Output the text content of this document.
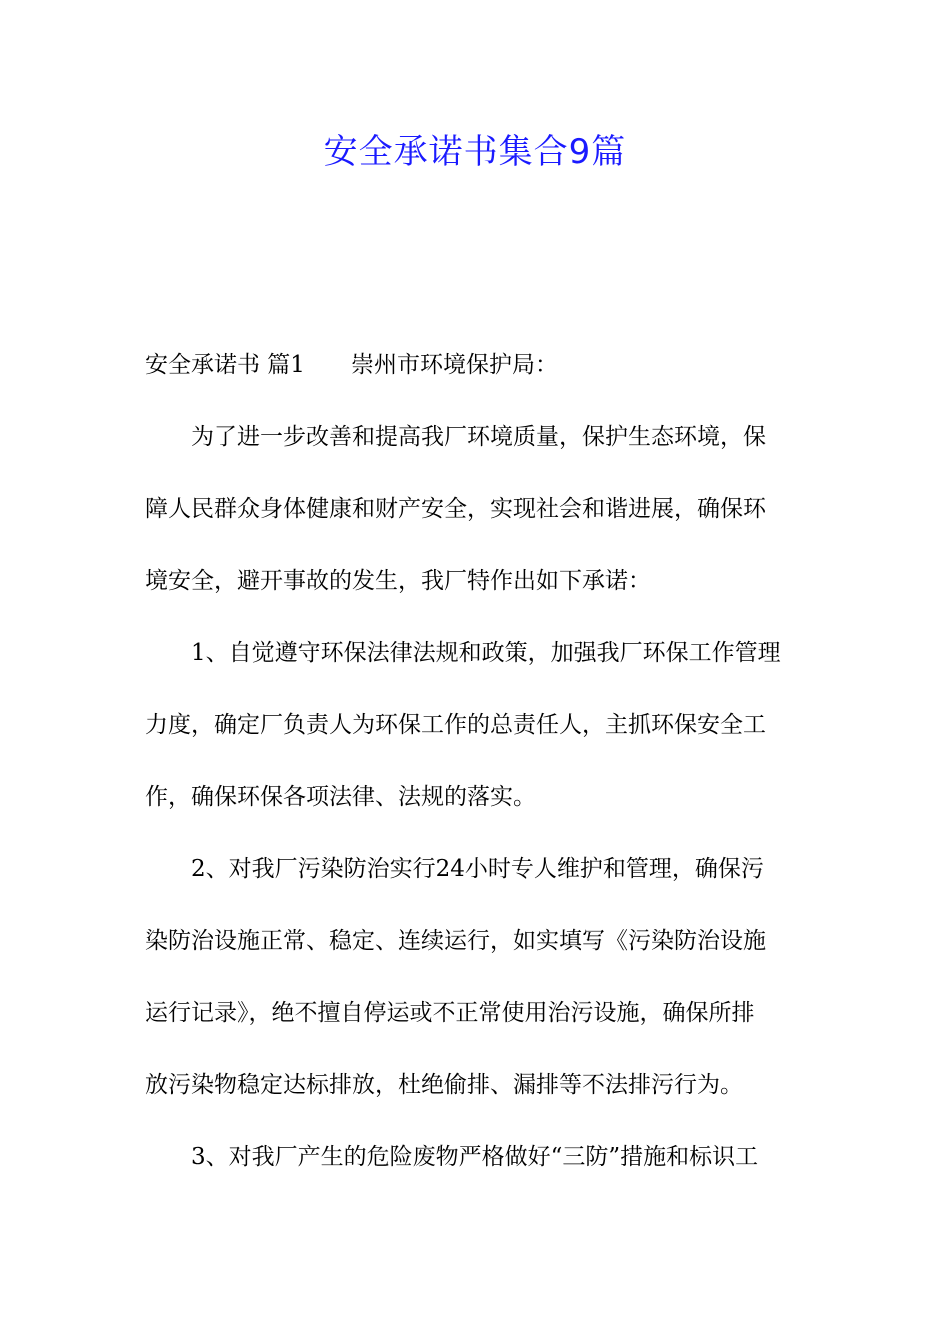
安全承诺书集合9篇
安全承诺书 篇1 崇州市环境保护局：
为了进一步改善和提高我厂环境质量，保护生态环境，保
障人民群众身体健康和财产安全，实现社会和谐进展，确保环
境安全，避开事故的发生，我厂特作出如下承诺：
1、自觉遵守环保法律法规和政策，加强我厂环保工作管理
力度，确定厂负责人为环保工作的总责任人，主抓环保安全工
作，确保环保各项法律、法规的落实。
2、对我厂污染防治实行24小时专人维护和管理，确保污
染防治设施正常、稳定、连续运行，如实填写《污染防治设施
运行记录》，绝不擅自停运或不正常使用治污设施，确保所排
放污染物稳定达标排放，杜绝偷排、漏排等不法排污行为。
3、对我厂产生的危险废物严格做好“三防”措施和标识工
